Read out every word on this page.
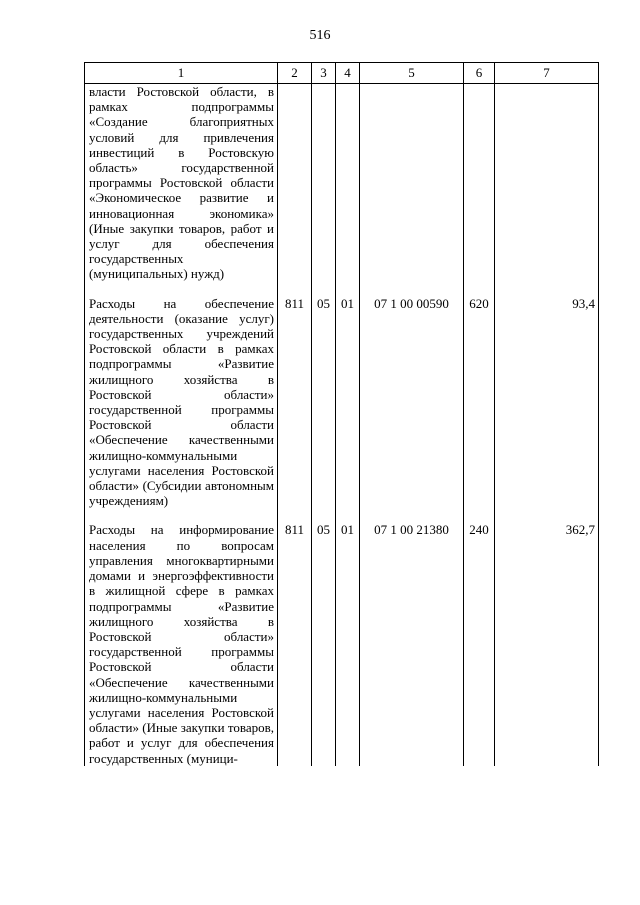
516
1	2	3	4	5	6	7
власти Ростовской области, в рамках подпрограммы «Создание благоприятных условий для привлечения инвестиций в Ростовскую область» государственной программы Ростовской области «Экономическое развитие и инновационная экономика» (Иные закупки товаров, работ и услуг для обеспечения государственных (муниципальных) нужд)						

Расходы на обеспечение деятельности (оказание услуг) государственных учреждений Ростовской области в рамках подпрограммы «Развитие жилищного хозяйства в Ростовской области» государственной программы Ростовской области «Обеспечение качественными жилищно-коммунальными услугами населения Ростовской области» (Субсидии автономным учреждениям)	811	05	01	07 1 00 00590	620	93,4

Расходы на информирование населения по вопросам управления многоквартирными домами и энергоэффективности в жилищной сфере в рамках подпрограммы «Развитие жилищного хозяйства в Ростовской области» государственной программы Ростовской области «Обеспечение качественными жилищно-коммунальными услугами населения Ростовской области» (Иные закупки товаров, работ и услуг для обеспечения государственных (муници-	811	05	01	07 1 00 21380	240	362,7
